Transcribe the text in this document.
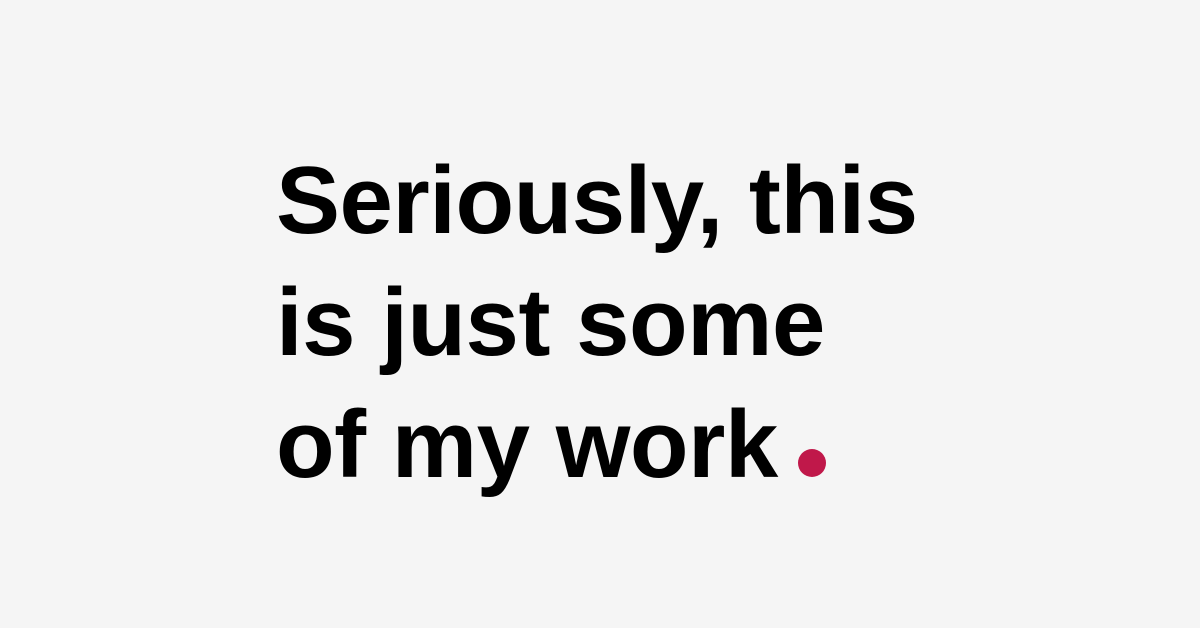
Seriously, this
is just some
of my work
